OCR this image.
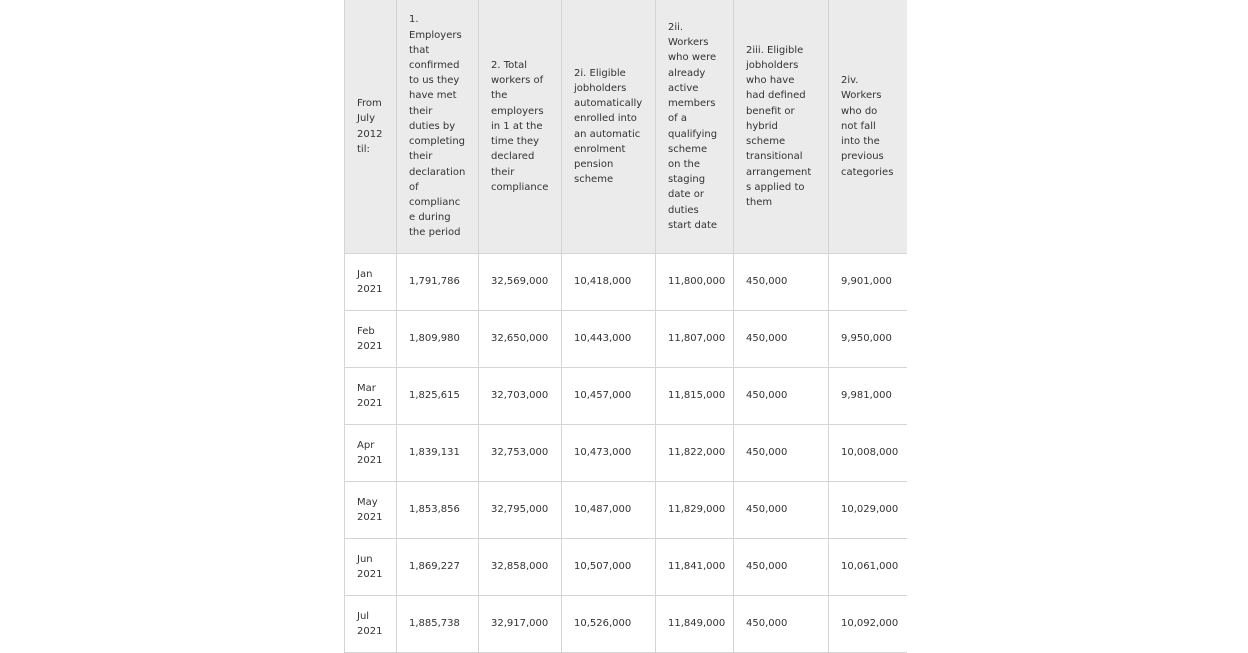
From July 2012 til:	1. Employers that confirmed to us they have met their duties by completing their declaration of compliance during the period	2. Total workers of the employers in 1 at the time they declared their compliance	2i. Eligible jobholders automatically enrolled into an automatic enrolment pension scheme	2ii. Workers who were already active members of a qualifying scheme on the staging date or duties start date	2iii. Eligible jobholders who have had defined benefit or hybrid scheme transitional arrangements applied to them	2iv. Workers who do not fall into the previous categories
Jan 2021	1,791,786	32,569,000	10,418,000	11,800,000	450,000	9,901,000
Feb 2021	1,809,980	32,650,000	10,443,000	11,807,000	450,000	9,950,000
Mar 2021	1,825,615	32,703,000	10,457,000	11,815,000	450,000	9,981,000
Apr 2021	1,839,131	32,753,000	10,473,000	11,822,000	450,000	10,008,000
May 2021	1,853,856	32,795,000	10,487,000	11,829,000	450,000	10,029,000
Jun 2021	1,869,227	32,858,000	10,507,000	11,841,000	450,000	10,061,000
Jul 2021	1,885,738	32,917,000	10,526,000	11,849,000	450,000	10,092,000
